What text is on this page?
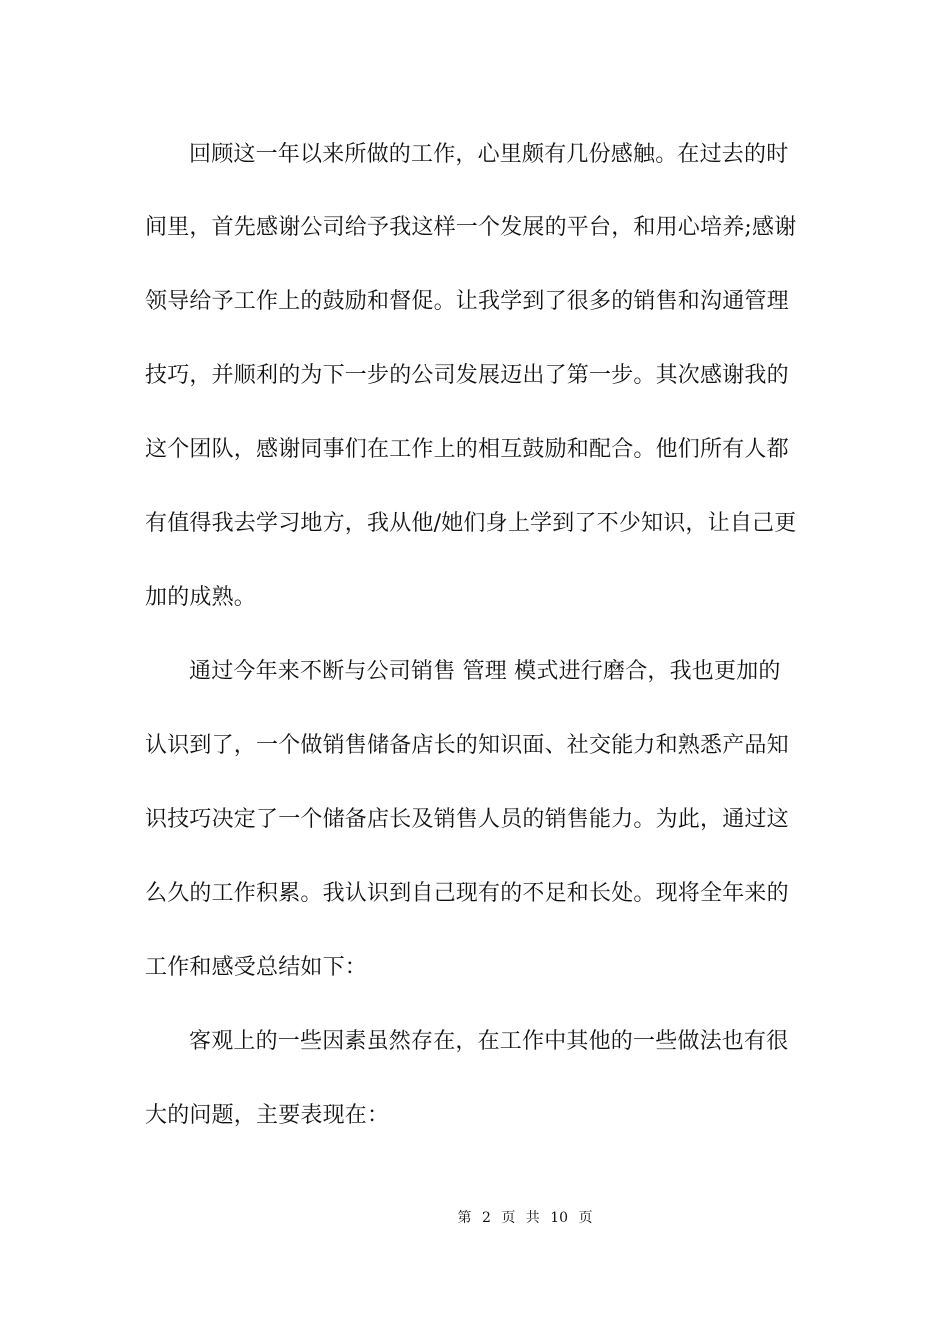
回顾这一年以来所做的工作，心里颇有几份感触。在过去的时
间里，首先感谢公司给予我这样一个发展的平台，和用心培养;感谢
领导给予工作上的鼓励和督促。让我学到了很多的销售和沟通管理
技巧，并顺利的为下一步的公司发展迈出了第一步。其次感谢我的
这个团队，感谢同事们在工作上的相互鼓励和配合。他们所有人都
有值得我去学习地方，我从他/她们身上学到了不少知识，让自己更
加的成熟。
通过今年来不断与公司销售 管理 模式进行磨合，我也更加的
认识到了，一个做销售储备店长的知识面、社交能力和熟悉产品知
识技巧决定了一个储备店长及销售人员的销售能力。为此，通过这
么久的工作积累。我认识到自己现有的不足和长处。现将全年来的
工作和感受总结如下：
客观上的一些因素虽然存在，在工作中其他的一些做法也有很
大的问题，主要表现在：
第 2 页 共 10 页
